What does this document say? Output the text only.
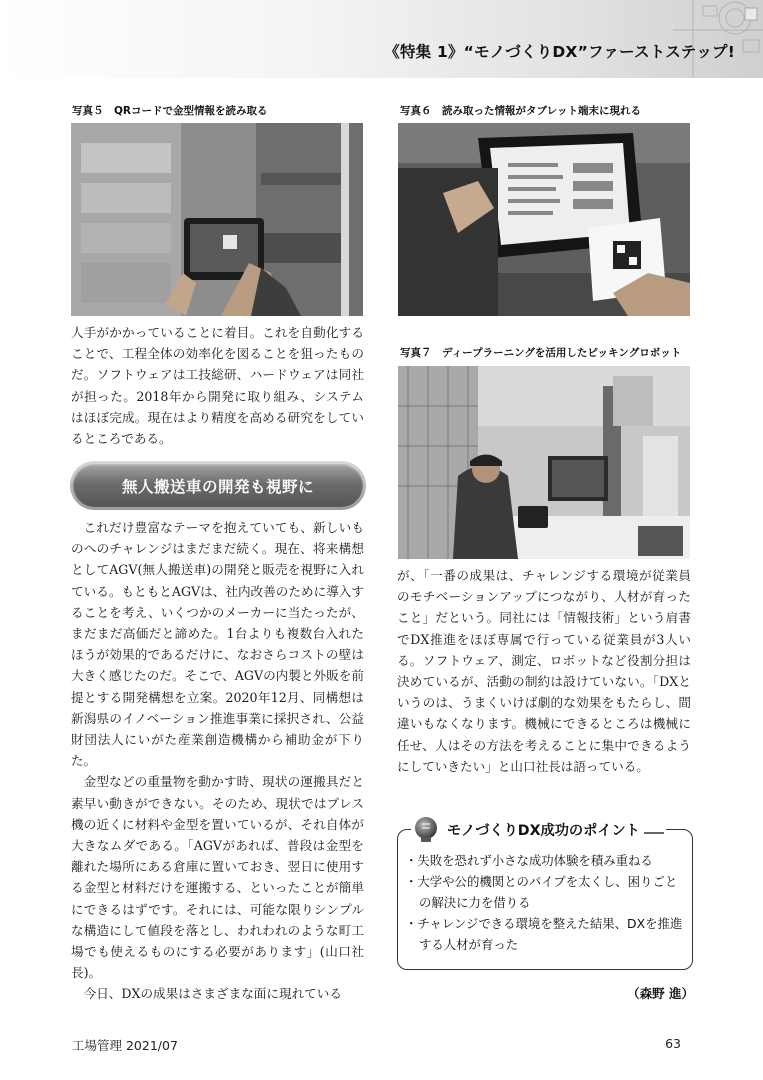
《特集 1》“モノづくりDX”ファーストステップ!
写真５　QRコードで金型情報を読み取る	写真６　読み取った情報がタブレット端末に現れる
写真７　ディープラーニングを活用したピッキングロボット

人手がかかっていることに着目。これを自動化することで、工程全体の効率化を図ることを狙ったものだ。ソフトウェアは工技総研、ハードウェアは同社が担った。2018年から開発に取り組み、システムはほぼ完成。現在はより精度を高める研究をしているところである。

無人搬送車の開発も視野に

これだけ豊富なテーマを抱えていても、新しいものへのチャレンジはまだまだ続く。現在、将来構想としてAGV(無人搬送車)の開発と販売を視野に入れている。もともとAGVは、社内改善のために導入することを考え、いくつかのメーカーに当たったが、まだまだ高価だと諦めた。1台よりも複数台入れたほうが効果的であるだけに、なおさらコストの壁は大きく感じたのだ。そこで、AGVの内製と外販を前提とする開発構想を立案。2020年12月、同構想は新潟県のイノベーション推進事業に採択され、公益財団法人にいがた産業創造機構から補助金が下りた。

金型などの重量物を動かす時、現状の運搬具だと素早い動きができない。そのため、現状ではプレス機の近くに材料や金型を置いているが、それ自体が大きなムダである。「AGVがあれば、普段は金型を離れた場所にある倉庫に置いておき、翌日に使用する金型と材料だけを運搬する、といったことが簡単にできるはずです。それには、可能な限りシンプルな構造にして値段を落とし、われわれのような町工場でも使えるものにする必要があります」(山口社長)。

今日、DXの成果はさまざまな面に現れている

が、「一番の成果は、チャレンジする環境が従業員のモチベーションアップにつながり、人材が育ったこと」だという。同社には「情報技術」という肩書でDX推進をほぼ専属で行っている従業員が3人いる。ソフトウェア、測定、ロボットなど役割分担は決めているが、活動の制約は設けていない。「DXというのは、うまくいけば劇的な効果をもたらし、間違いもなくなります。機械にできるところは機械に任せ、人はその方法を考えることに集中できるようにしていきたい」と山口社長は語っている。

モノづくりDX成功のポイント
・失敗を恐れず小さな成功体験を積み重ねる
・大学や公的機関とのパイプを太くし、困りごとの解決に力を借りる
・チャレンジできる環境を整えた結果、DXを推進する人材が育った
（森野 進）
工場管理 2021/07	63
